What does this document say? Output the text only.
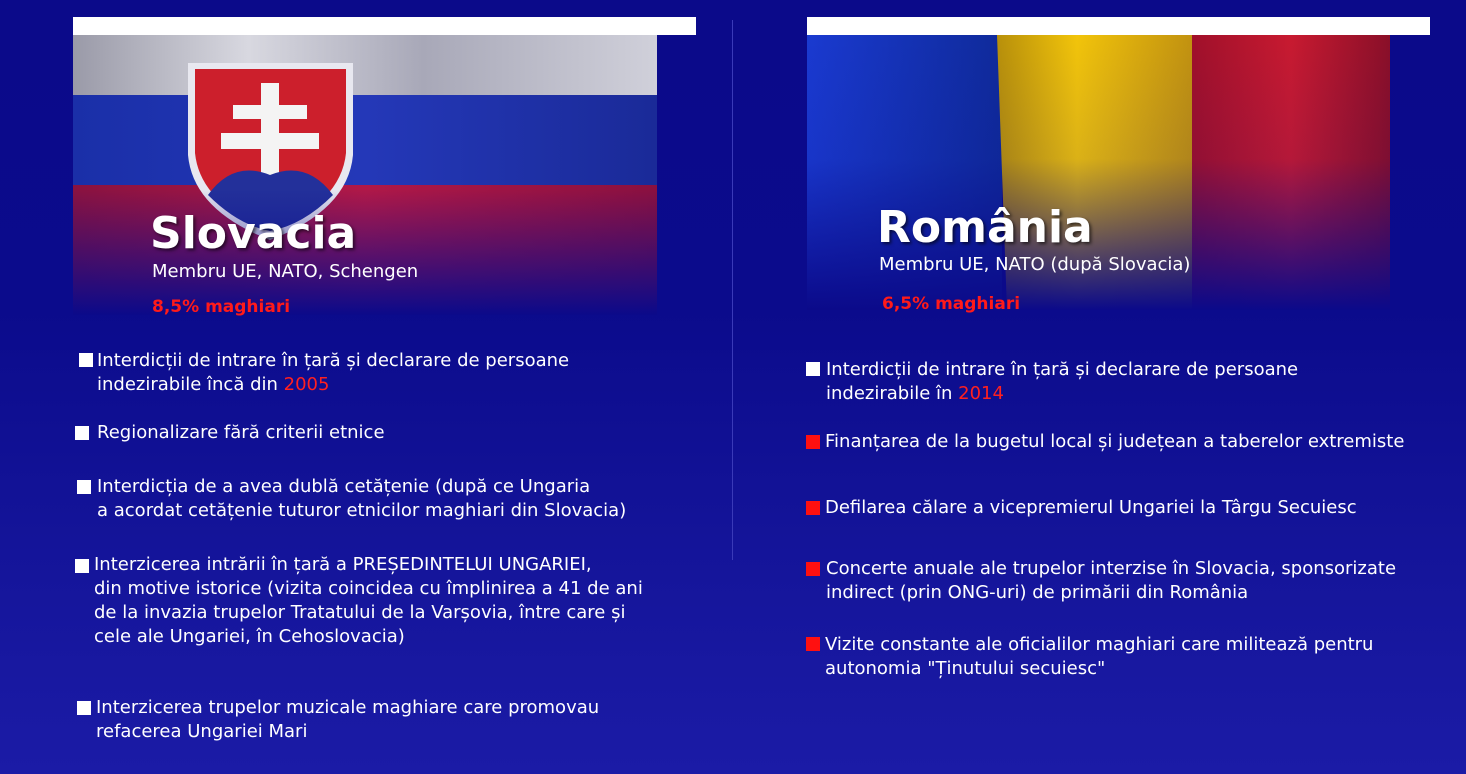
Slovacia
Membru UE, NATO, Schengen
8,5% maghiari
Interdicții de intrare în țară și declarare de persoane
indezirabile încă din 2005
Regionalizare fără criterii etnice
Interdicția de a avea dublă cetățenie (după ce Ungaria
a acordat cetățenie tuturor etnicilor maghiari din Slovacia)
Interzicerea intrării în țară a PREȘEDINTELUI UNGARIEI,
din motive istorice (vizita coincidea cu împlinirea a 41 de ani
de la invazia trupelor Tratatului de la Varșovia, între care și
cele ale Ungariei, în Cehoslovacia)
Interzicerea trupelor muzicale maghiare care promovau
refacerea Ungariei Mari
România
Membru UE, NATO (după Slovacia)
6,5% maghiari
Interdicții de intrare în țară și declarare de persoane
indezirabile în 2014
Finanțarea de la bugetul local și județean a taberelor extremiste
Defilarea călare a vicepremierul Ungariei la Târgu Secuiesc
Concerte anuale ale trupelor interzise în Slovacia, sponsorizate
indirect (prin ONG-uri) de primării din România
Vizite constante ale oficialilor maghiari care militează pentru
autonomia "Ținutului secuiesc"
